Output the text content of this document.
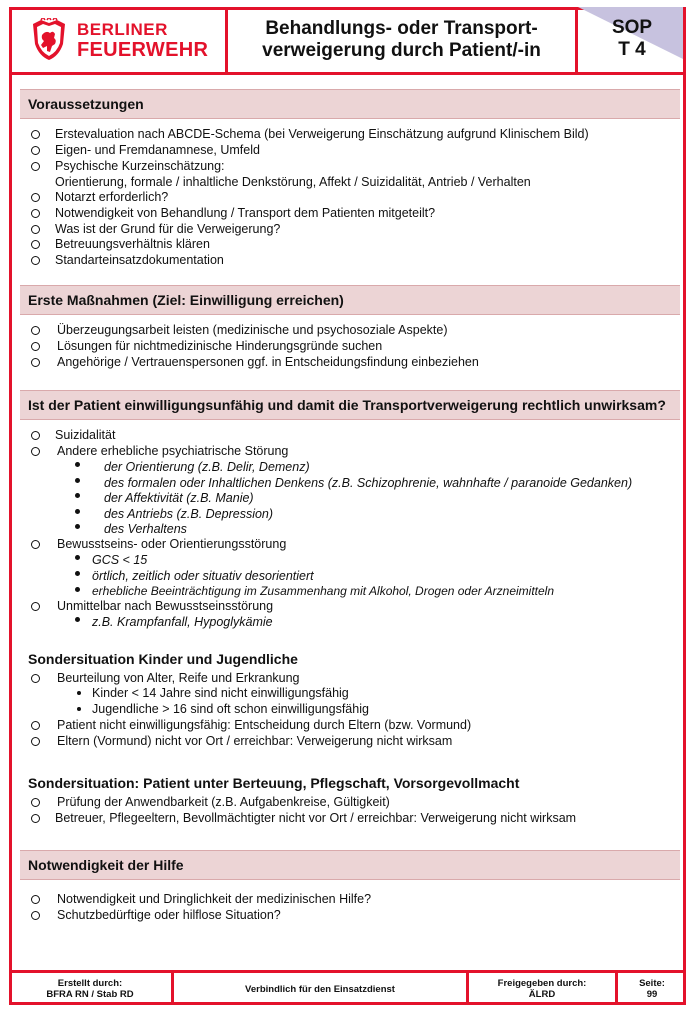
BERLINER
FEUERWEHR
Behandlungs- oder Transport-
verweigerung durch Patient/-in
SOP
T 4
Voraussetzungen
Erstevaluation nach ABCDE-Schema (bei Verweigerung Einschätzung aufgrund Klinischem Bild)
Eigen- und Fremdanamnese, Umfeld
Psychische Kurzeinschätzung:
Orientierung, formale / inhaltliche Denkstörung, Affekt / Suizidalität, Antrieb / Verhalten
Notarzt erforderlich?
Notwendigkeit von Behandlung / Transport dem Patienten mitgeteilt?
Was ist der Grund für die Verweigerung?
Betreuungsverhältnis klären
Standarteinsatzdokumentation
Erste Maßnahmen (Ziel: Einwilligung erreichen)
Überzeugungsarbeit leisten (medizinische und psychosoziale Aspekte)
Lösungen für nichtmedizinische Hinderungsgründe suchen
Angehörige / Vertrauenspersonen ggf. in Entscheidungsfindung einbeziehen
Ist der Patient einwilligungsunfähig und damit die Transportverweigerung rechtlich unwirksam?
Suizidalität
Andere erhebliche psychiatrische Störung
der Orientierung (z.B. Delir, Demenz)
des formalen oder Inhaltlichen Denkens (z.B. Schizophrenie, wahnhafte / paranoide Gedanken)
der Affektivität (z.B. Manie)
des Antriebs (z.B. Depression)
des Verhaltens
Bewusstseins- oder Orientierungsstörung
GCS < 15
örtlich, zeitlich oder situativ desorientiert
erhebliche Beeinträchtigung im Zusammenhang mit Alkohol, Drogen oder Arzneimitteln
Unmittelbar nach Bewusstseinsstörung
z.B. Krampfanfall, Hypoglykämie
Sondersituation Kinder und Jugendliche
Beurteilung von Alter, Reife und Erkrankung
Kinder < 14 Jahre sind nicht einwilligungsfähig
Jugendliche > 16 sind oft schon einwilligungsfähig
Patient nicht einwilligungsfähig: Entscheidung durch Eltern (bzw. Vormund)
Eltern (Vormund) nicht vor Ort / erreichbar: Verweigerung nicht wirksam
Sondersituation: Patient unter Berteuung, Pflegschaft, Vorsorgevollmacht
Prüfung der Anwendbarkeit (z.B. Aufgabenkreise, Gültigkeit)
Betreuer, Pflegeeltern, Bevollmächtigter nicht vor Ort / erreichbar: Verweigerung nicht wirksam
Notwendigkeit der Hilfe
Notwendigkeit und Dringlichkeit der medizinischen Hilfe?
Schutzbedürftige oder hilflose Situation?
Erstellt durch:
BFRA RN / Stab RD	Verbindlich für den Einsatzdienst	Freigegeben durch:
ÄLRD
Seite:
99
